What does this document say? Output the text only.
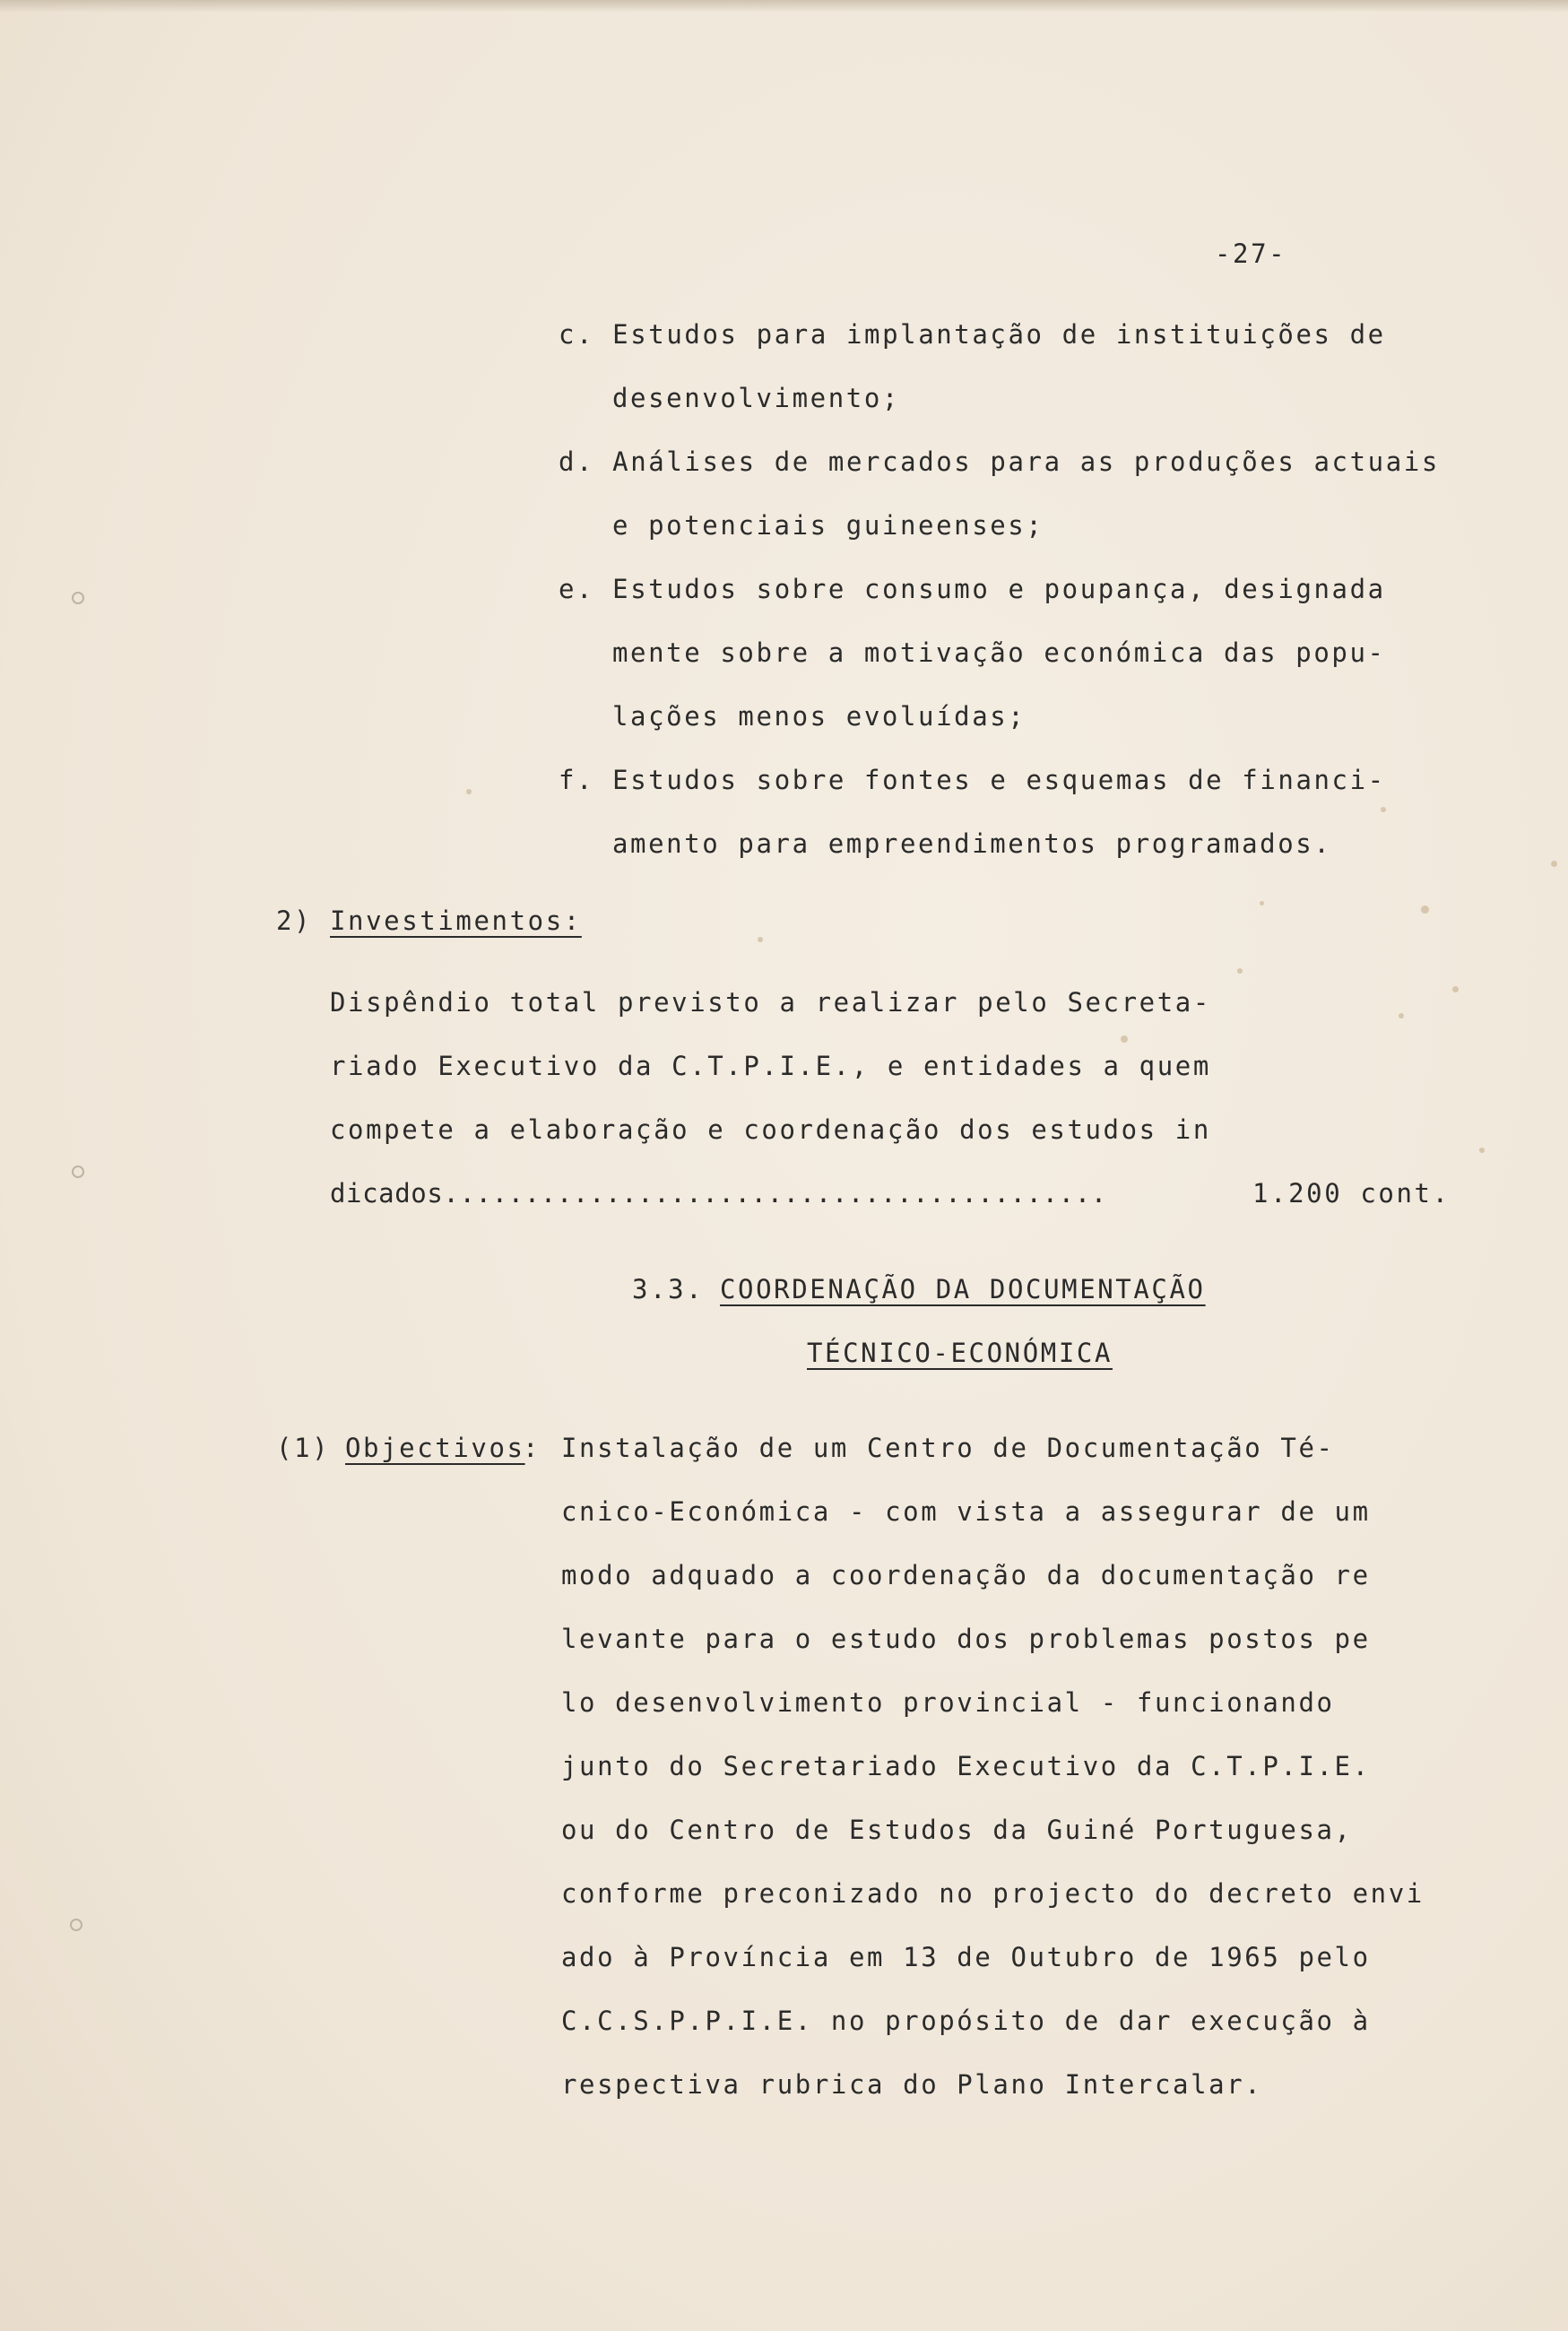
-27-
c. Estudos para implantação de instituições de
desenvolvimento;
d. Análises de mercados para as produções actuais
e potenciais guineenses;
e. Estudos sobre consumo e poupança, designada
mente sobre a motivação económica das popu-
lações menos evoluídas;
f. Estudos sobre fontes e esquemas de financi-
amento para empreendimentos programados.
2) Investimentos:
Dispêndio total previsto a realizar pelo Secreta-
riado Executivo da C.T.P.I.E., e entidades a quem
compete a elaboração e coordenação dos estudos in
dicados.........................................	1.200 cont.
3.3. COORDENAÇÃO DA DOCUMENTAÇÃO
TÉCNICO-ECONÓMICA
(1) Objectivos
: Instalação de um Centro de Documentação Té-
cnico-Económica - com vista a assegurar de um
modo adquado a coordenação da documentação re
levante para o estudo dos problemas postos pe
lo desenvolvimento provincial - funcionando
junto do Secretariado Executivo da C.T.P.I.E.
ou do Centro de Estudos da Guiné Portuguesa,
conforme preconizado no projecto do decreto envi
ado à Província em 13 de Outubro de 1965 pelo
C.C.S.P.P.I.E. no propósito de dar execução à
respectiva rubrica do Plano Intercalar.
